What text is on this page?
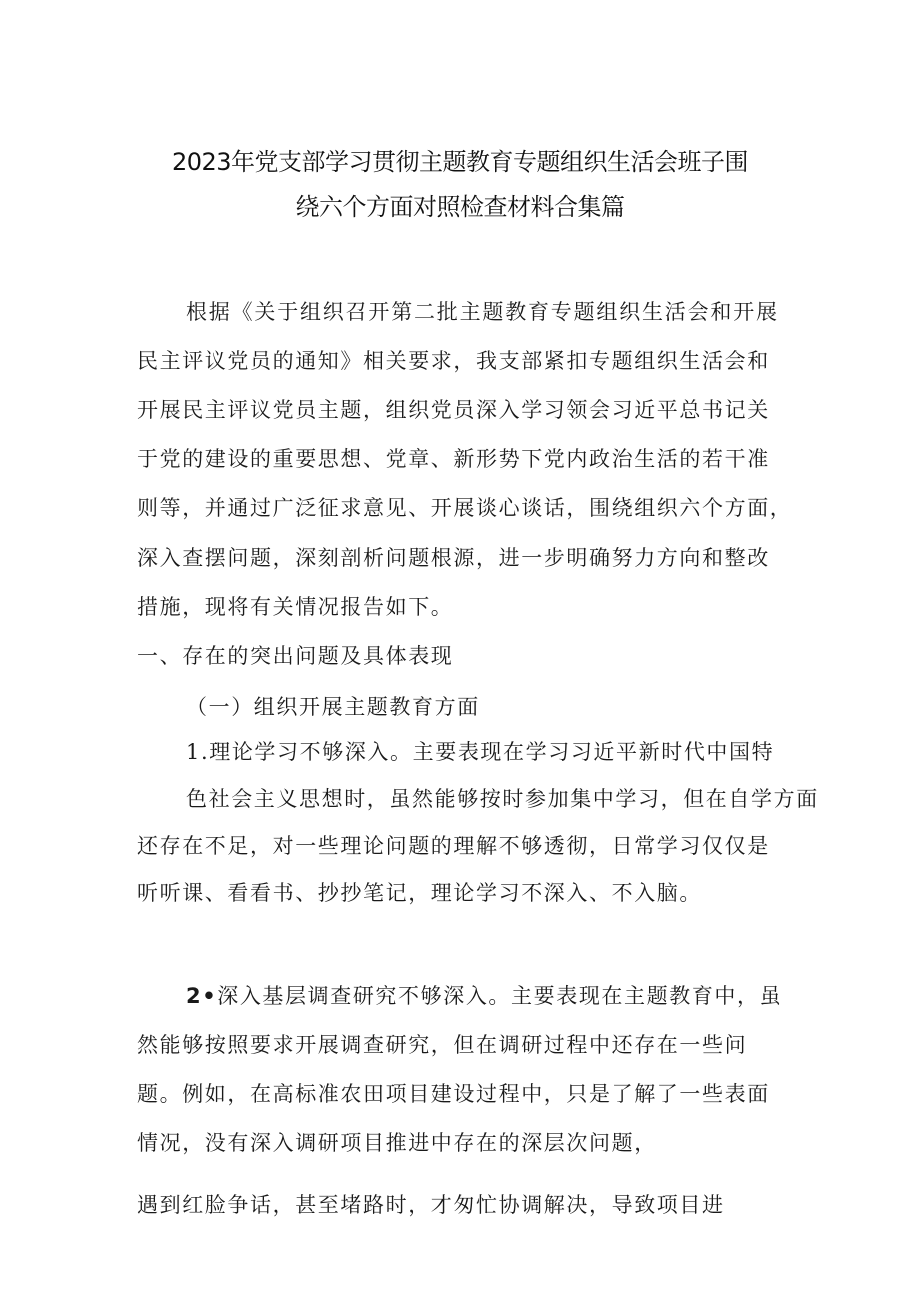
2023年党支部学习贯彻主题教育专题组织生活会班子围
绕六个方面对照检查材料合集篇
根据《关于组织召开第二批主题教育专题组织生活会和开展
民主评议党员的通知》相关要求，我支部紧扣专题组织生活会和
开展民主评议党员主题，组织党员深入学习领会习近平总书记关
于党的建设的重要思想、党章、新形势下党内政治生活的若干准
则等，并通过广泛征求意见、开展谈心谈话，围绕组织六个方面，
深入查摆问题，深刻剖析问题根源，进一步明确努力方向和整改
措施，现将有关情况报告如下。
一、存在的突出问题及具体表现
（一）组织开展主题教育方面
1.理论学习不够深入。主要表现在学习习近平新时代中国特
色社会主义思想时，虽然能够按时参加集中学习，但在自学方面
还存在不足，对一些理论问题的理解不够透彻，日常学习仅仅是
听听课、看看书、抄抄笔记，理论学习不深入、不入脑。
2•深入基层调查研究不够深入。主要表现在主题教育中，虽
然能够按照要求开展调查研究，但在调研过程中还存在一些问
题。例如，在高标准农田项目建设过程中，只是了解了一些表面
情况，没有深入调研项目推进中存在的深层次问题，
遇到红脸争话，甚至堵路时，才匆忙协调解决，导致项目进
